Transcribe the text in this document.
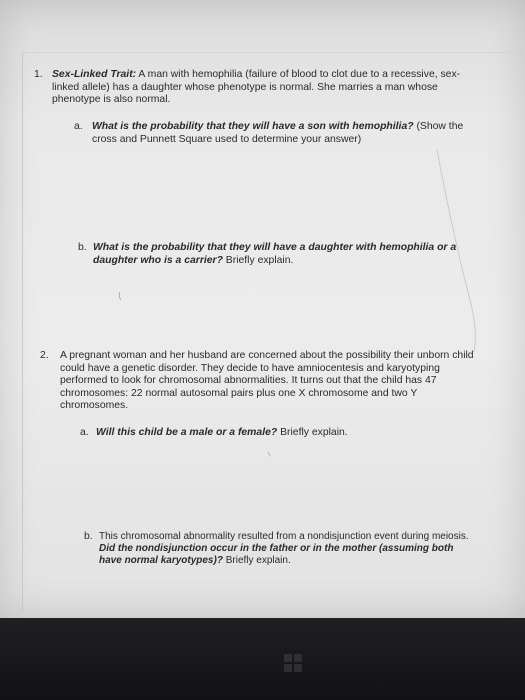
1. Sex-Linked Trait: A man with hemophilia (failure of blood to clot due to a recessive, sex-
linked allele) has a daughter whose phenotype is normal. She marries a man whose
phenotype is also normal.
a. What is the probability that they will have a son with hemophilia? (Show the
cross and Punnett Square used to determine your answer)
b. What is the probability that they will have a daughter with hemophilia or a
daughter who is a carrier? Briefly explain.
2. A pregnant woman and her husband are concerned about the possibility their unborn child
could have a genetic disorder. They decide to have amniocentesis and karyotyping
performed to look for chromosomal abnormalities. It turns out that the child has 47
chromosomes: 22 normal autosomal pairs plus one X chromosome and two Y
chromosomes.
a. Will this child be a male or a female? Briefly explain.
b. This chromosomal abnormality resulted from a nondisjunction event during meiosis.
Did the nondisjunction occur in the father or in the mother (assuming both
have normal karyotypes)? Briefly explain.
